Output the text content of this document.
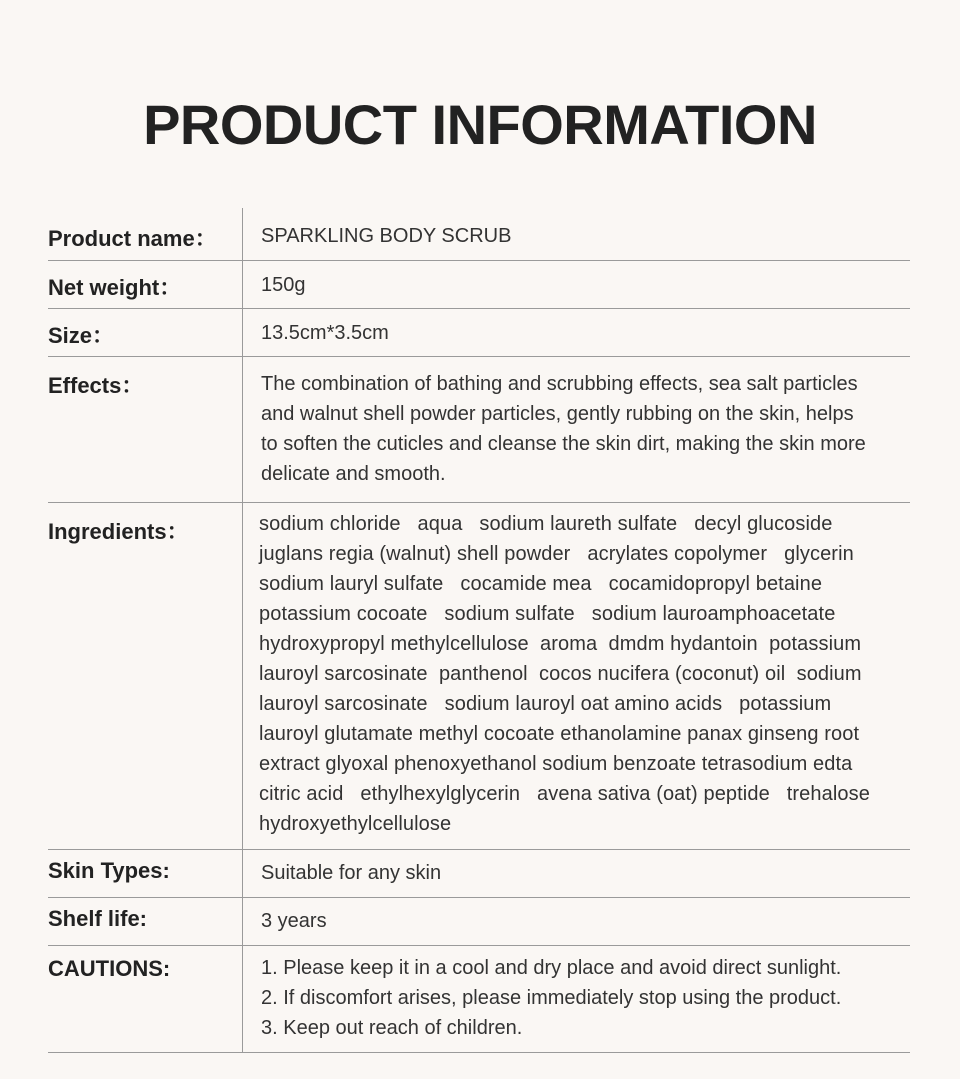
PRODUCT INFORMATION
Product name： SPARKLING BODY SCRUB
Net weight：	150g
Size：	13.5cm*3.5cm
Effects：	The combination of bathing and scrubbing effects, sea salt particles
and walnut shell powder particles, gently rubbing on the skin, helps
to soften the cuticles and cleanse the skin dirt, making the skin more
delicate and smooth.
Ingredients：	sodium chloride   aqua   sodium laureth sulfate   decyl glucoside
juglans regia (walnut) shell powder   acrylates copolymer   glycerin
sodium lauryl sulfate   cocamide mea   cocamidopropyl betaine
potassium cocoate   sodium sulfate   sodium lauroamphoacetate
hydroxypropyl methylcellulose  aroma  dmdm hydantoin  potassium
lauroyl sarcosinate  panthenol  cocos nucifera (coconut) oil  sodium
lauroyl sarcosinate   sodium lauroyl oat amino acids   potassium
lauroyl glutamate methyl cocoate ethanolamine panax ginseng root
extract glyoxal phenoxyethanol sodium benzoate tetrasodium edta
citric acid   ethylhexylglycerin   avena sativa (oat) peptide   trehalose
hydroxyethylcellulose
Skin Types:	Suitable for any skin
Shelf life:	3 years
CAUTIONS:	1. Please keep it in a cool and dry place and avoid direct sunlight.
2. If discomfort arises, please immediately stop using the product.
3. Keep out reach of children.
